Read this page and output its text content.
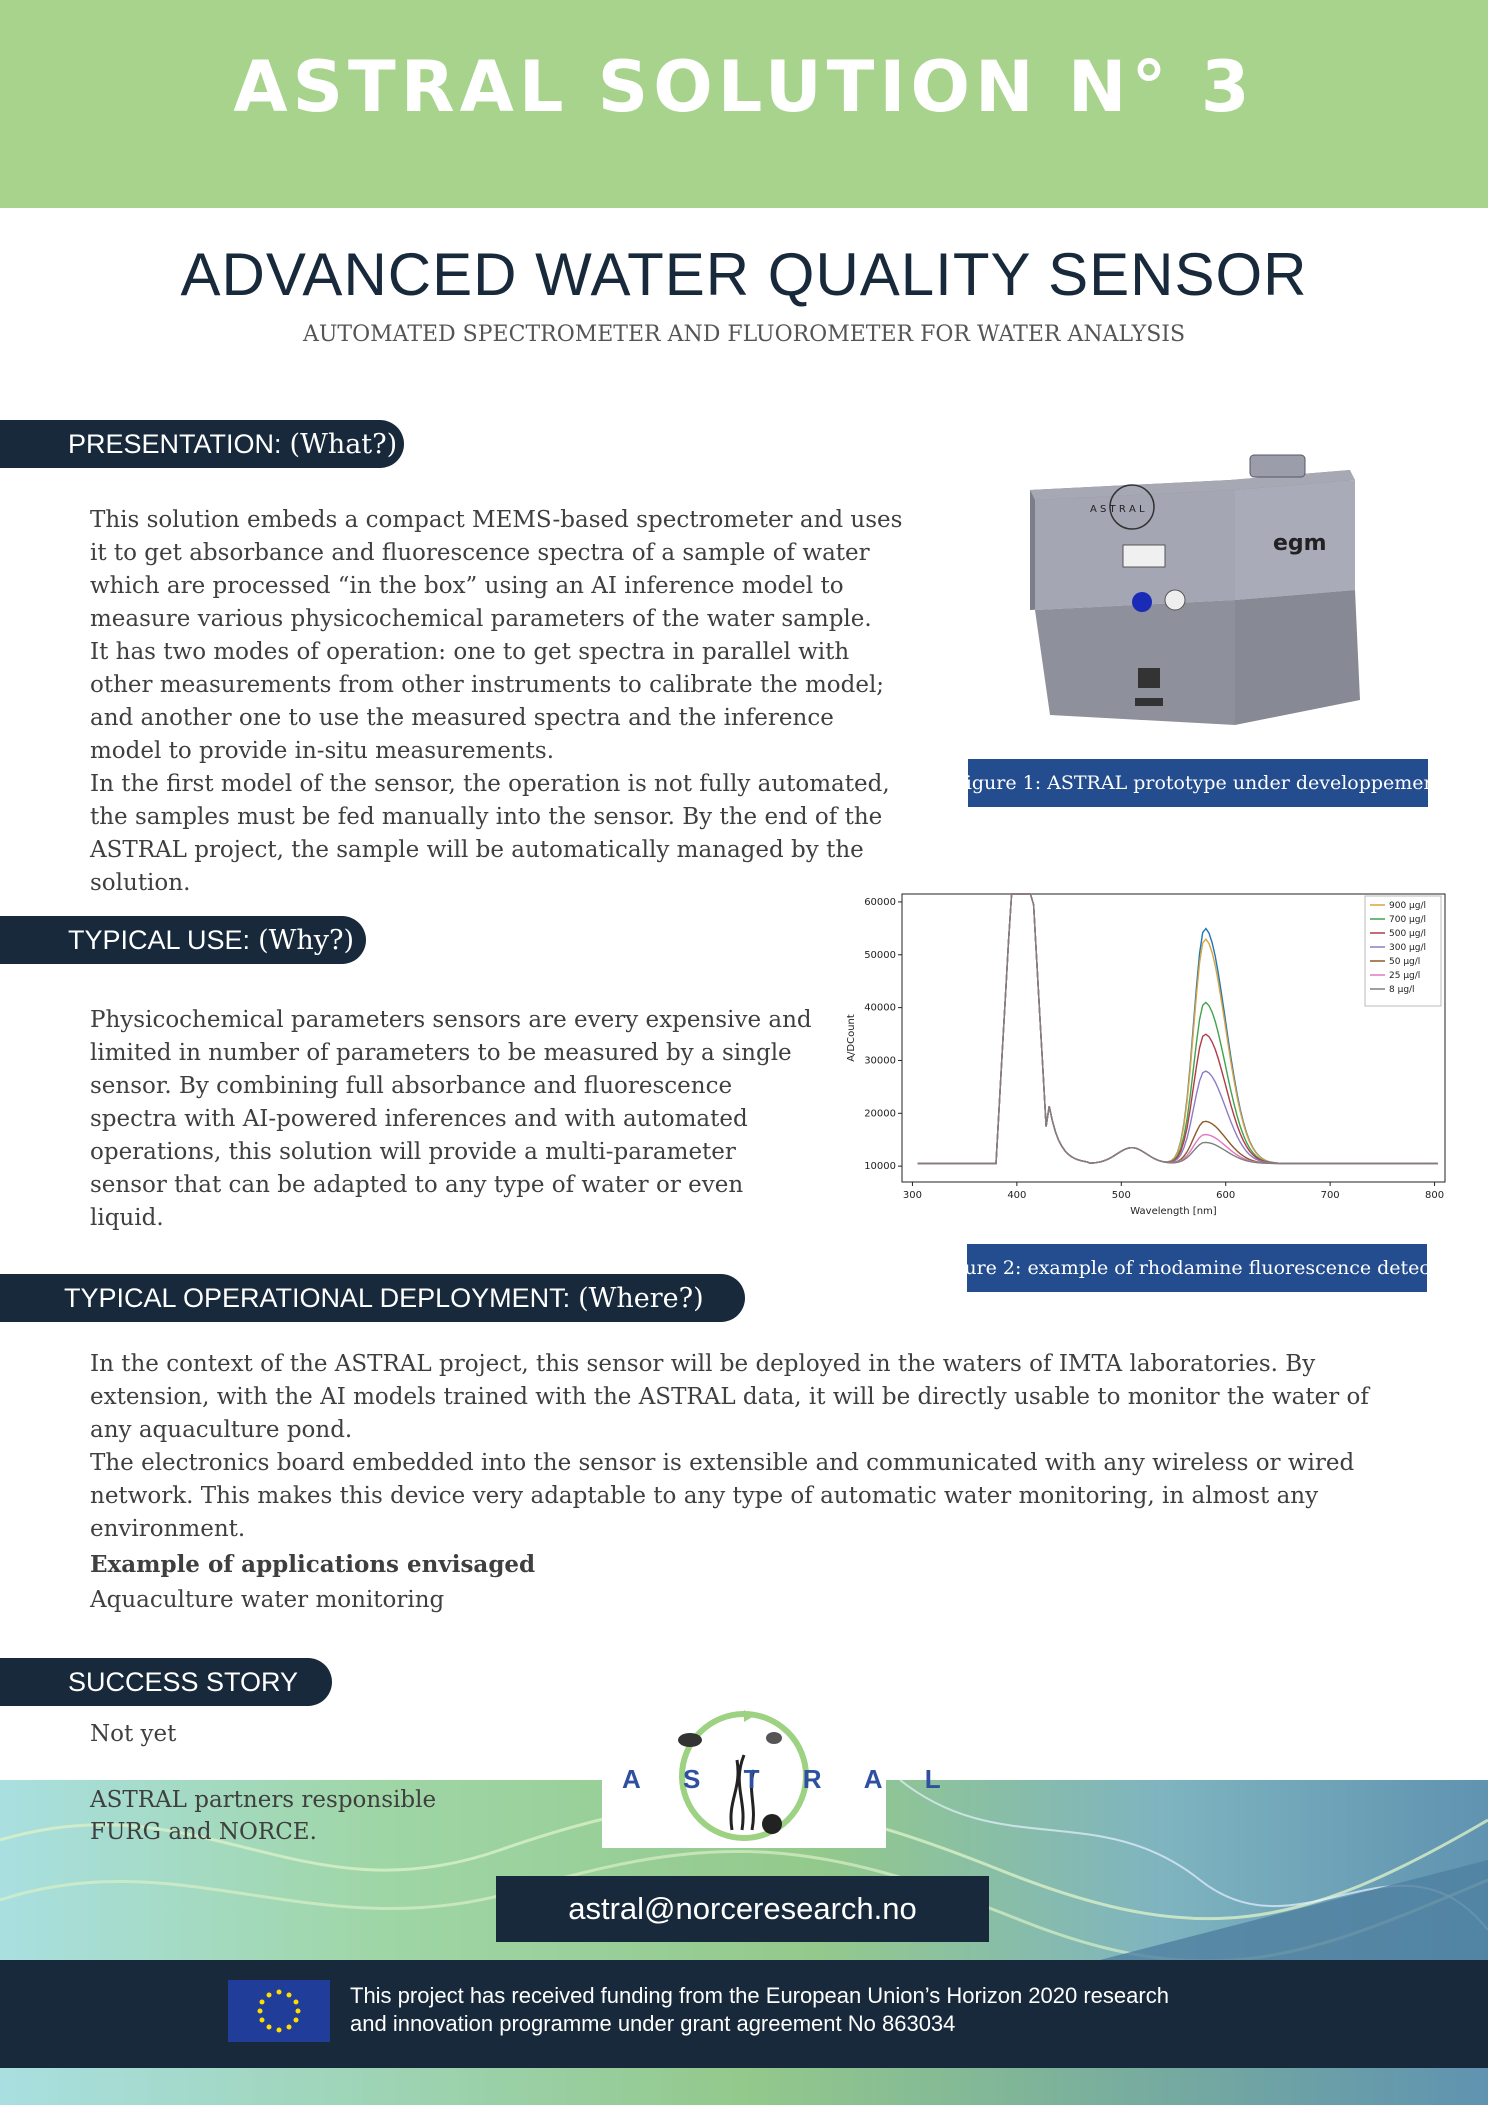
ASTRAL SOLUTION N° 3
ADVANCED WATER QUALITY SENSOR
AUTOMATED SPECTROMETER AND FLUOROMETER FOR WATER ANALYSIS
PRESENTATION: (What?)

This solution embeds a compact MEMS-based spectrometer and uses it to get absorbance and fluorescence spectra of a sample of water which are processed “in the box” using an AI inference model to measure various physicochemical parameters of the water sample.

It has two modes of operation: one to get spectra in parallel with other measurements from other instruments to calibrate the model; and another one to use the measured spectra and the inference model to provide in-situ measurements.

In the first model of the sensor, the operation is not fully automated, the samples must be fed manually into the sensor. By the end of the ASTRAL project, the sample will be automatically managed by the solution.

A S T R A L
egm
Figure 1: ASTRAL prototype under developpement
TYPICAL USE: (Why?)

Physicochemical parameters sensors are every expensive and limited in number of parameters to be measured by a single sensor. By combining full absorbance and fluorescence spectra with AI-powered inferences and with automated operations, this solution will provide a multi-parameter sensor that can be adapted to any type of water or even liquid.

300	400	500	600	700	800
10000
20000
30000
40000
50000
60000
Wavelength [nm]
A/DCount
900 µg/l
700 µg/l
500 µg/l
300 µg/l
50 µg/l
25 µg/l
8 µg/l
Figure 2: example of rhodamine fluorescence detected
TYPICAL OPERATIONAL DEPLOYMENT: (Where?)

In the context of the ASTRAL project, this sensor will be deployed in the waters of IMTA laboratories. By extension, with the AI models trained with the ASTRAL data, it will be directly usable to monitor the water of any aquaculture pond.

The electronics board embedded into the sensor is extensible and communicated with any wireless or wired network. This makes this device very adaptable to any type of automatic water monitoring, in almost any environment.

Example of applications envisaged
Aquaculture water monitoring
SUCCESS STORY
Not yet

ASTRAL partners responsible

FURG and NORCE.

A S T R A L
astral@norceresearch.no
This project has received funding from the European Union’s Horizon 2020 research
and innovation programme under grant agreement No 863034
